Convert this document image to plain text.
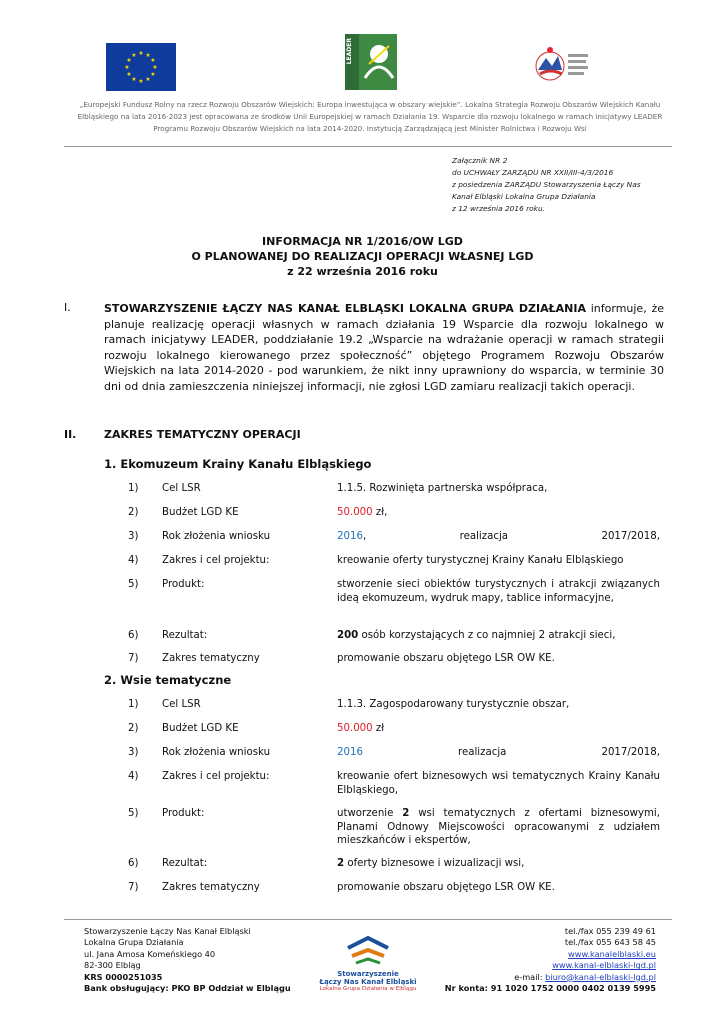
★ ★
★
★
★
★
★
★
★
★
★
★	LEADER
„Europejski Fundusz Rolny na rzecz Rozwoju Obszarów Wiejskich: Europa inwestująca w obszary wiejskie”. Lokalna Strategia Rozwoju Obszarów Wiejskich Kanału Elbląskiego na lata 2016-2023 jest opracowana ze środków Unii Europejskiej w ramach Działania 19. Wsparcie dla rozwoju lokalnego w ramach inicjatywy LEADER Programu Rozwoju Obszarów Wiejskich na lata 2014-2020. Instytucją Zarządzającą jest Minister Rolnictwa i Rozwoju Wsi
Załącznik NR 2
do UCHWAŁY ZARZĄDU NR XXII/III-4/3/2016
z posiedzenia ZARZĄDU Stowarzyszenia Łączy Nas
Kanał Elbląski Lokalna Grupa Działania
z 12 września 2016 roku.
INFORMACJA NR 1/2016/OW LGD
O PLANOWANEJ DO REALIZACJI OPERACJI WŁASNEJ LGD
z 22 września 2016 roku
I.	STOWARZYSZENIE ŁĄCZY NAS KANAŁ ELBLĄSKI LOKALNA GRUPA DZIAŁANIA informuje, że planuje realizację operacji własnych w ramach działania 19 Wsparcie dla rozwoju lokalnego w ramach inicjatywy LEADER, poddziałanie 19.2 „Wsparcie na wdrażanie operacji w ramach strategii rozwoju lokalnego kierowanego przez społeczność” objętego Programem Rozwoju Obszarów Wiejskich na lata 2014-2020 - pod warunkiem, że nikt inny uprawniony do wsparcia, w terminie 30 dni od dnia zamieszczenia niniejszej informacji, nie zgłosi LGD zamiaru realizacji takich operacji.
II.	ZAKRES TEMATYCZNY OPERACJI
1. Ekomuzeum Krainy Kanału Elbląskiego
1) Cel LSR	1.1.5. Rozwinięta partnerska współpraca,
2) Budżet LGD KE	50.000 zł,
3) Rok złożenia wniosku	2016,	realizacja	2017/2018,
4) Zakres i cel projektu:	kreowanie oferty turystycznej Krainy Kanału Elbląskiego
5) Produkt:	stworzenie sieci obiektów turystycznych i atrakcji związanych ideą ekomuzeum, wydruk mapy, tablice informacyjne,
6) Rezultat:	200 osób korzystających z co najmniej 2 atrakcji sieci,
7) Zakres tematyczny	promowanie obszaru objętego LSR OW KE.
2. Wsie tematyczne
1) Cel LSR	1.1.3. Zagospodarowany turystycznie obszar,
2) Budżet LGD KE	50.000 zł
3) Rok złożenia wniosku	2016	realizacja	2017/2018,
4) Zakres i cel projektu:	kreowanie ofert biznesowych wsi tematycznych Krainy Kanału Elbląskiego,
5) Produkt:	utworzenie 2 wsi tematycznych z ofertami biznesowymi, Planami Odnowy Miejscowości opracowanymi z udziałem mieszkańców i ekspertów,
6) Rezultat:	2 oferty biznesowe i wizualizacji wsi,
7) Zakres tematyczny	promowanie obszaru objętego LSR OW KE.
Stowarzyszenie Łączy Nas Kanał Elbląski
Lokalna Grupa Działania
ul. Jana Amosa Komeńskiego 40
82-300 Elbląg
KRS 0000251035
Bank obsługujący: PKO BP Oddział w Elblągu
Stowarzyszenie
Łączy Nas Kanał Elbląski
Lokalna Grupa Działania w Elblągu
tel./fax 055 239 49 61
tel./fax 055 643 58 45
www.kanalelblaski.eu
www.kanal-elblaski-lgd.pl
e-mail: biuro@kanal-elblaski-lgd.pl
Nr konta: 91 1020 1752 0000 0402 0139 5995
